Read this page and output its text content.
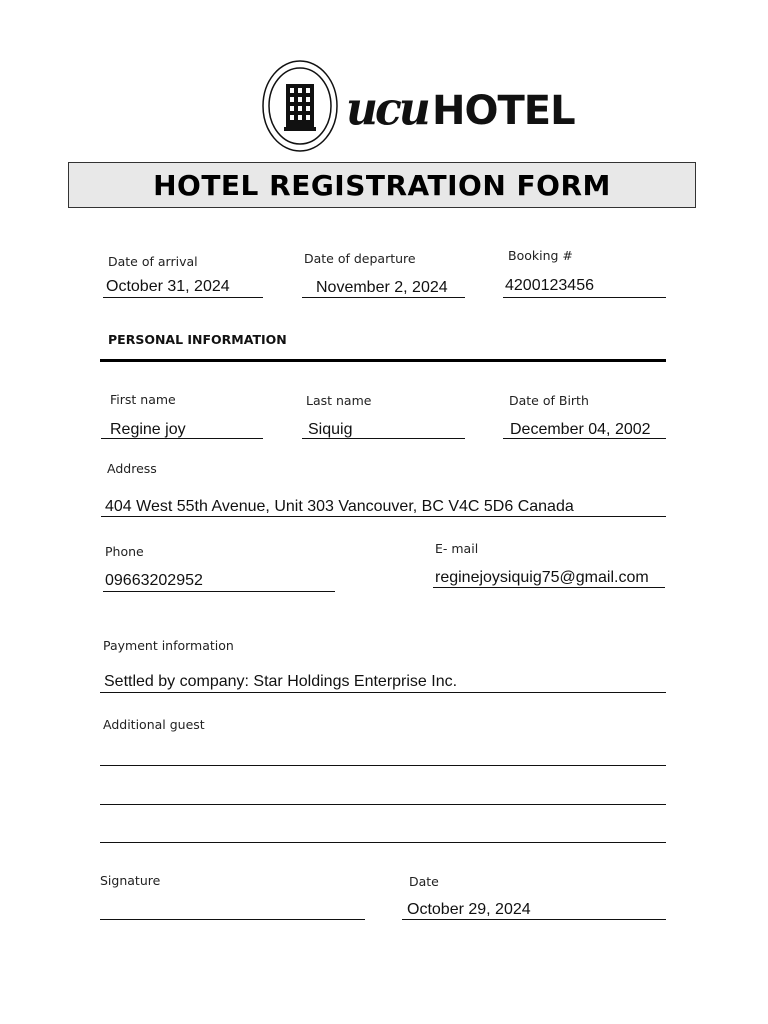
ucu HOTEL
HOTEL REGISTRATION FORM
Date of arrival
October 31, 2024
Date of departure
November 2, 2024
Booking #
4200123456
PERSONAL INFORMATION
First name
Regine joy
Last name
Siquig
Date of Birth
December 04, 2002
Address
404 West 55th Avenue, Unit 303 Vancouver, BC V4C 5D6 Canada
Phone
09663202952
E- mail
reginejoysiquig75@gmail.com
Payment information
Settled by company: Star Holdings Enterprise Inc.
Additional guest
Signature	Date
October 29, 2024
